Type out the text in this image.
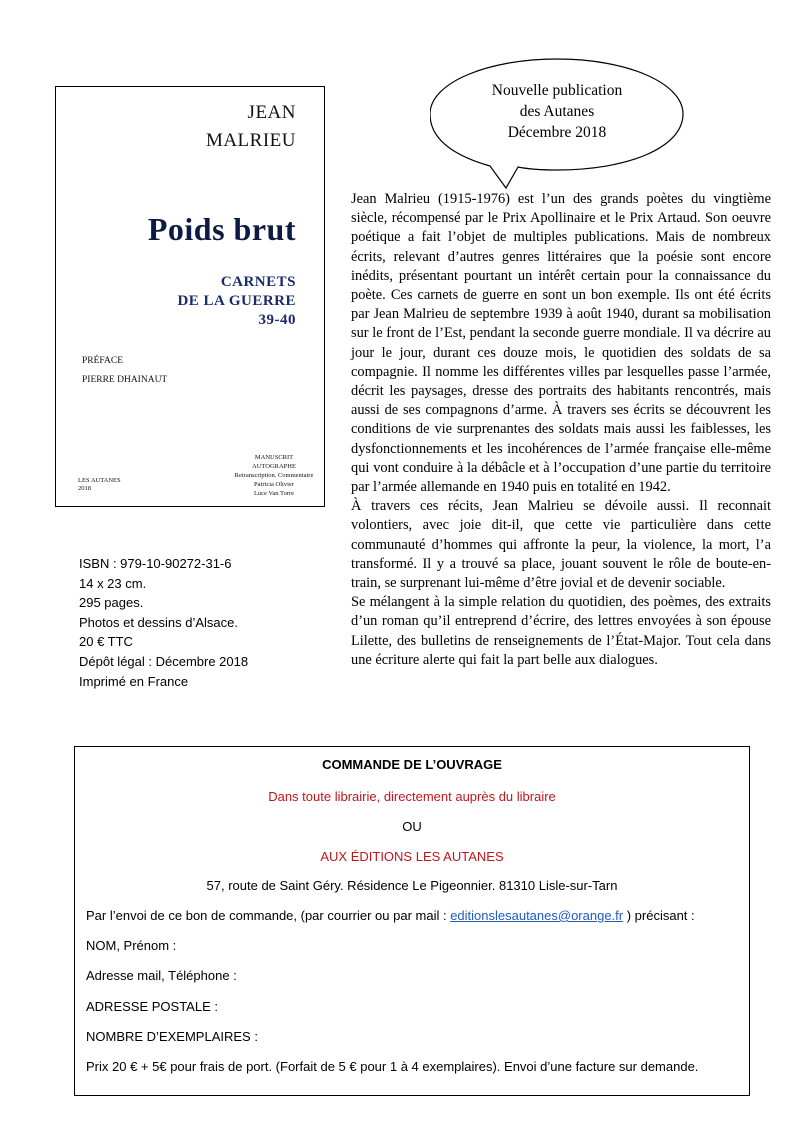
JEAN
MALRIEU
Poids brut
CARNETS
DE LA GUERRE
39-40
PRÉFACE
PIERRE DHAINAUT
MANUSCRIT AUTOGRAPHE
Retranscription. Commentaire
Patricia Olivier
Luce Van Torre
LES AUTANES
2018
Nouvelle publication
des Autanes
Décembre 2018

Jean Malrieu (1915-1976) est l’un des grands poètes du vingtième siècle, récompensé par le Prix Apollinaire et le Prix Artaud. Son oeuvre poétique a fait l’objet de multiples publications. Mais de nombreux écrits, relevant d’autres genres littéraires que la poésie sont encore inédits, présentant pourtant un intérêt certain pour la connaissance du poète. Ces carnets de guerre en sont un bon exemple. Ils ont été écrits par Jean Malrieu de septembre 1939 à août 1940, durant sa mobilisation sur le front de l’Est, pendant la seconde guerre mondiale. Il va décrire au jour le jour, durant ces douze mois, le quotidien des soldats de sa compagnie. Il nomme les différentes villes par lesquelles passe l’armée, décrit les paysages, dresse des portraits des habitants rencontrés, mais aussi de ses compagnons d’arme. À travers ses écrits se découvrent les conditions de vie surprenantes des soldats mais aussi les faiblesses, les dysfonctionnements et les incohérences de l’armée française elle-même qui vont conduire à la débâcle et à l’occupation d’une partie du territoire par l’armée allemande en 1940 puis en totalité en 1942.

À travers ces récits, Jean Malrieu se dévoile aussi. Il reconnait volontiers, avec joie dit-il, que cette vie particulière dans cette communauté d’hommes qui affronte la peur, la violence, la mort, l’a transformé. Il y a trouvé sa place, jouant souvent le rôle de boute-en-train, se surprenant lui-même d’être jovial et de devenir sociable.

Se mélangent à la simple relation du quotidien, des poèmes, des extraits d’un roman qu’il entreprend d’écrire, des lettres envoyées à son épouse Lilette, des bulletins de renseignements de l’État-Major. Tout cela dans une écriture alerte qui fait la part belle aux dialogues.

ISBN : 979-10-90272-31-6
14 x 23 cm.
295 pages.
Photos et dessins d’Alsace.
20 € TTC
Dépôt légal : Décembre 2018
Imprimé en France
COMMANDE DE L’OUVRAGE
Dans toute librairie, directement auprès du libraire
OU
AUX ÉDITIONS LES AUTANES
57, route de Saint Géry. Résidence Le Pigeonnier. 81310 Lisle-sur-Tarn
Par l’envoi de ce bon de commande, (par courrier ou par mail : editionslesautanes@orange.fr ) précisant :
NOM, Prénom :
Adresse mail, Téléphone :
ADRESSE POSTALE :
NOMBRE D’EXEMPLAIRES :
Prix 20 € + 5€ pour frais de port. (Forfait de 5 € pour 1 à 4 exemplaires). Envoi d’une facture sur demande.
